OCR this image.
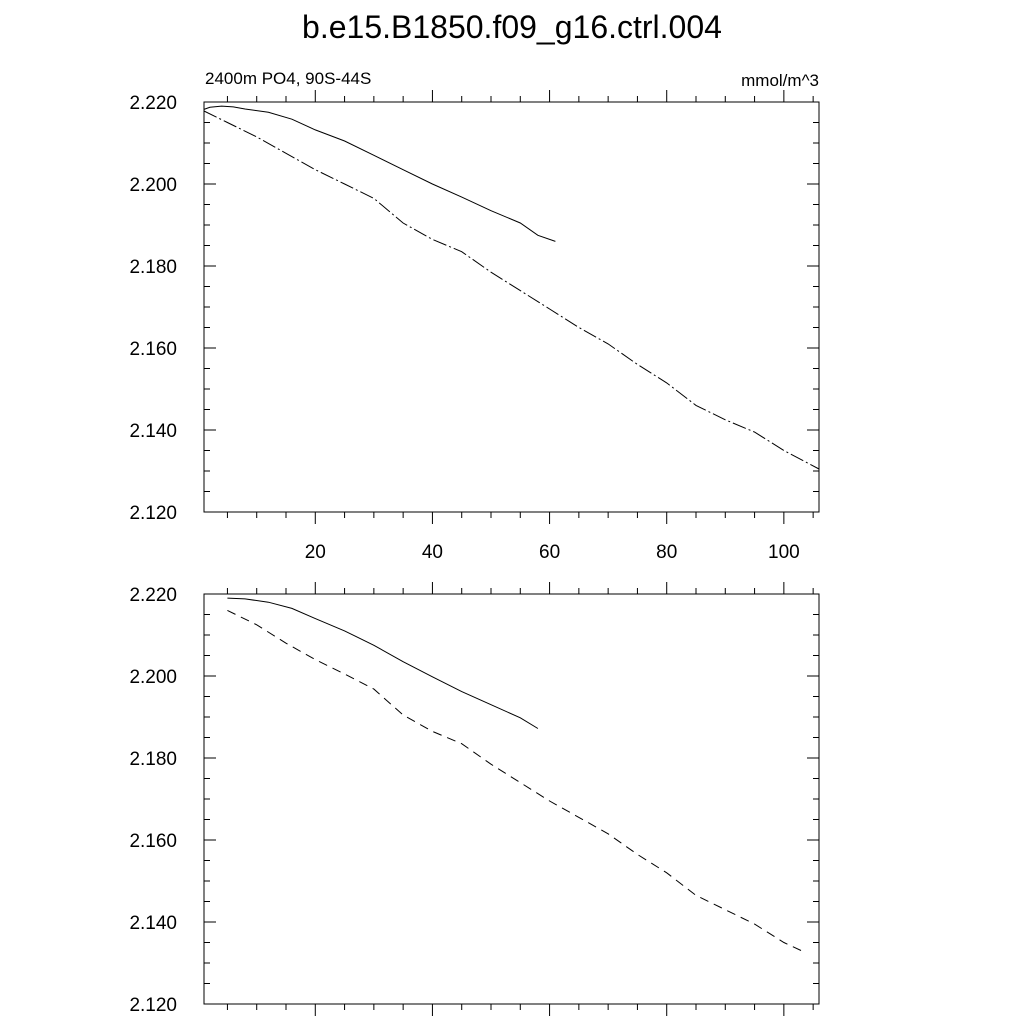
b.e15.B1850.f09_g16.ctrl.004
2400m PO4, 90S-44S	mmol/m^3
2.120
2.140
2.160
2.180
2.200
2.220
20	40	60	80	100
2.120
2.140
2.160
2.180
2.200
2.220
